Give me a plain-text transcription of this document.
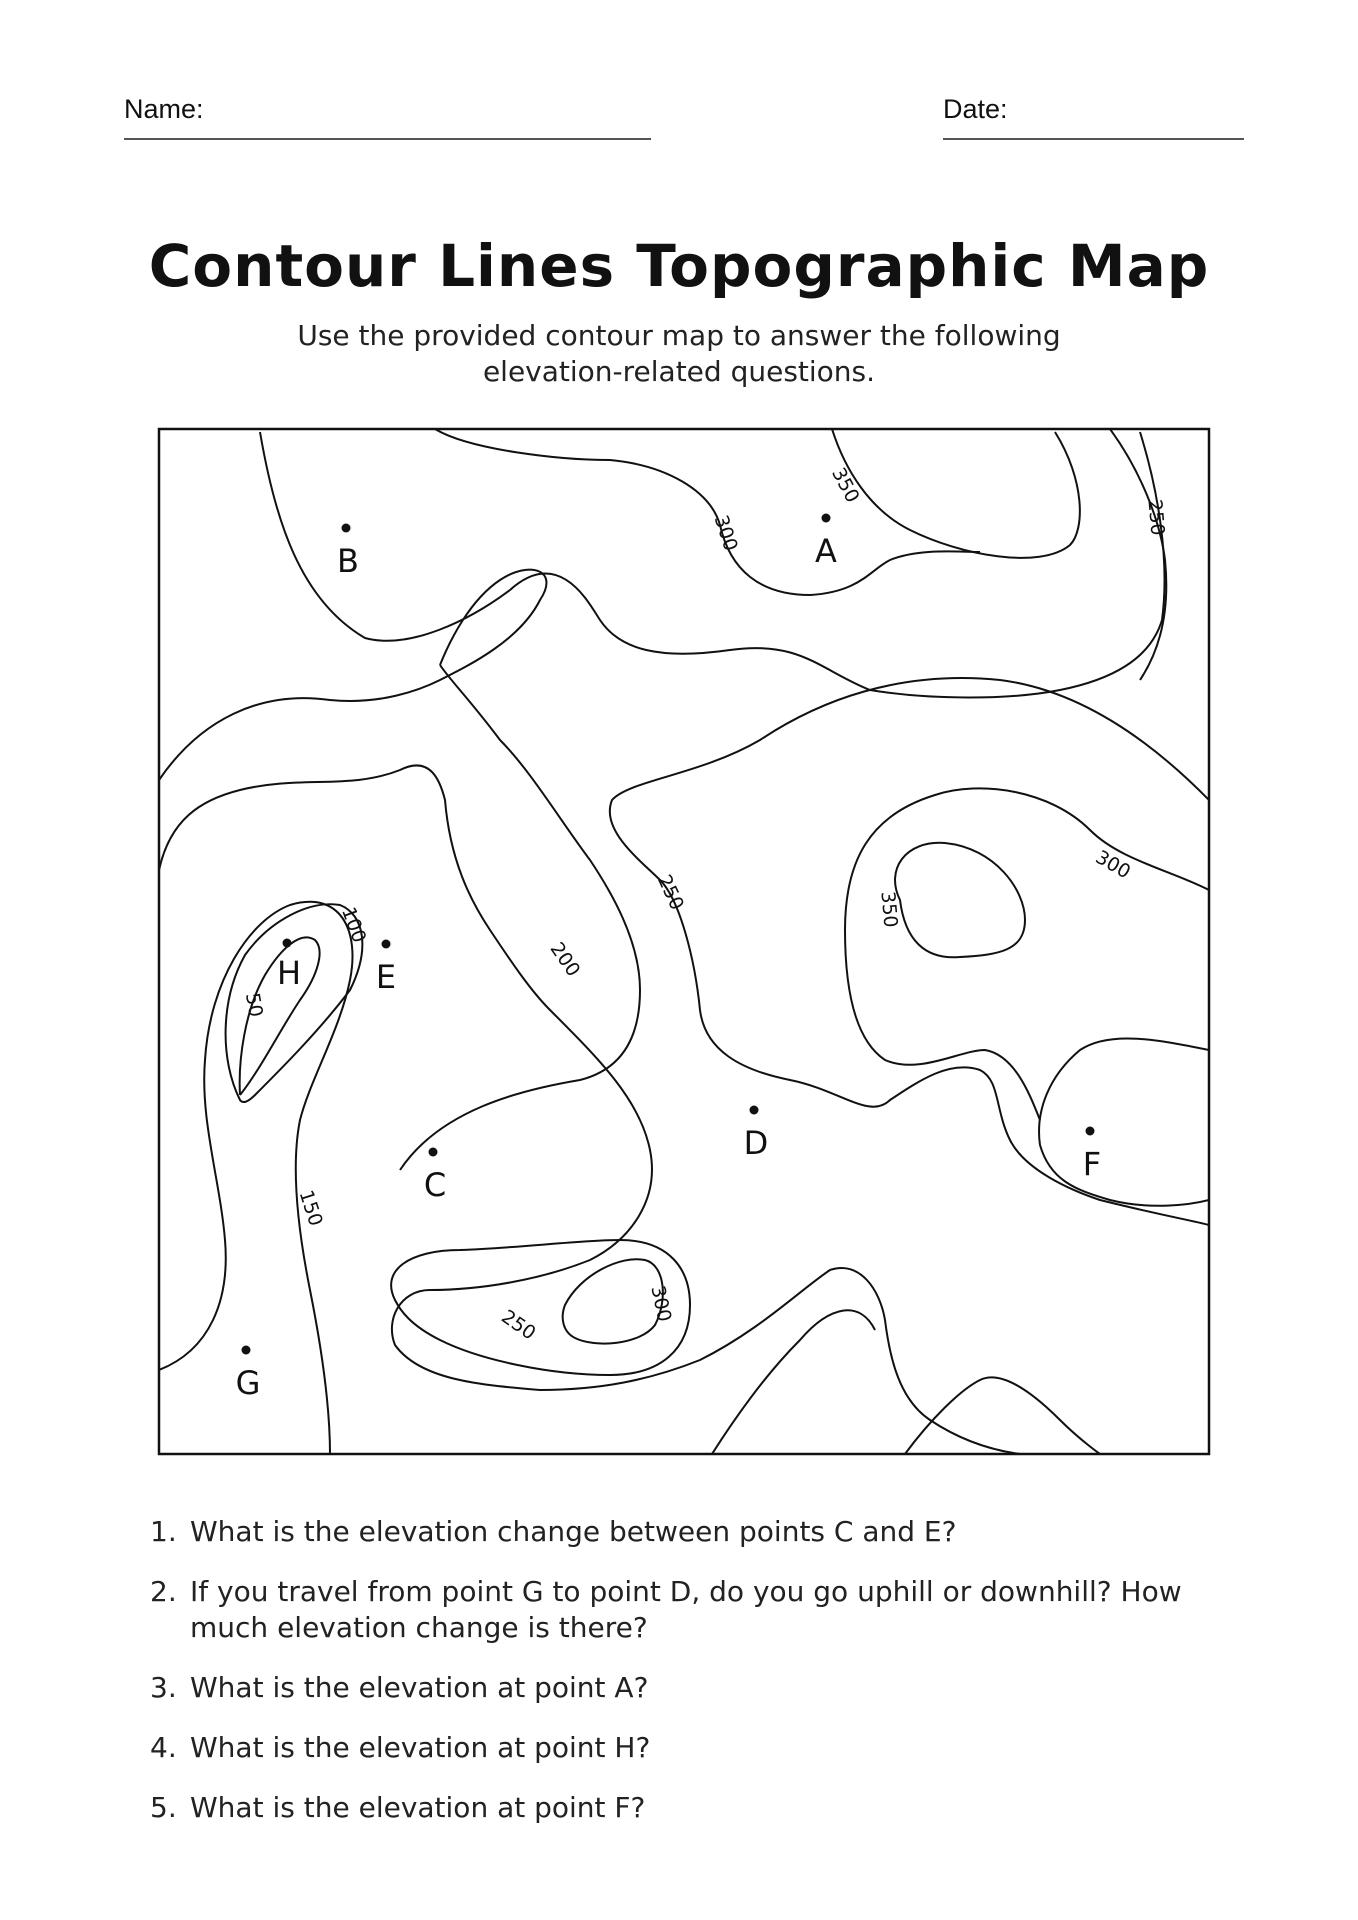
Name:	Date:
Contour Lines Topographic Map
Use the provided contour map to answer the following elevation-related questions.
350
300	250
300
250
200
100
50
150
350
300
250
A
B
C
D
E
F
G
H
1. What is the elevation change between points C and E?
2. If you travel from point G to point D, do you go uphill or downhill? How much elevation change is there?
3. What is the elevation at point A?
4. What is the elevation at point H?
5. What is the elevation at point F?
